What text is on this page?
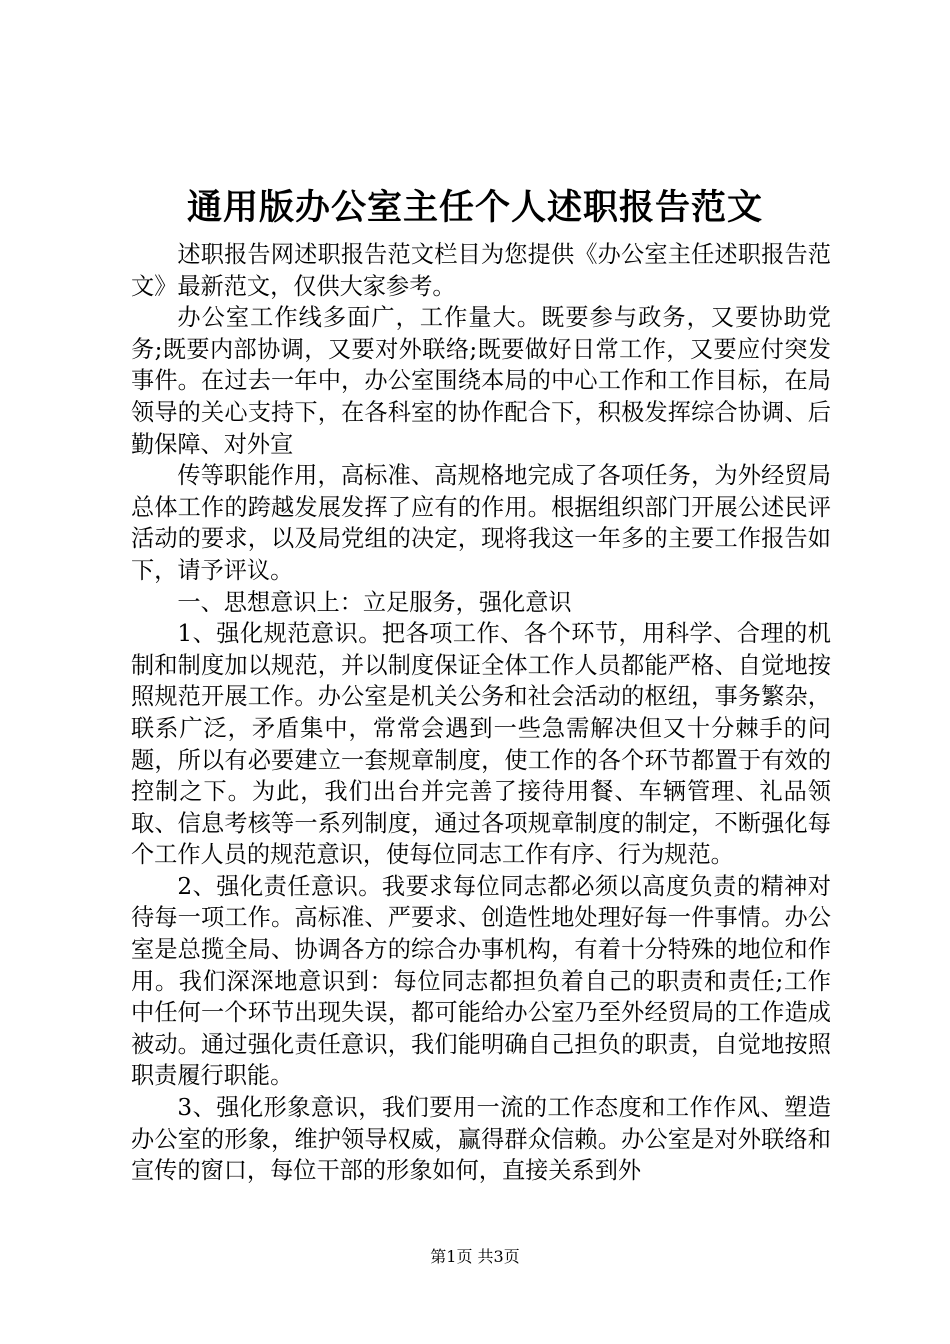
通用版办公室主任个人述职报告范文

述职报告网述职报告范文栏目为您提供《办公室主任述职报告范文》最新范文，仅供大家参考。

办公室工作线多面广，工作量大。既要参与政务，又要协助党务;既要内部协调，又要对外联络;既要做好日常工作，又要应付突发事件。在过去一年中，办公室围绕本局的中心工作和工作目标，在局领导的关心支持下，在各科室的协作配合下，积极发挥综合协调、后勤保障、对外宣

传等职能作用，高标准、高规格地完成了各项任务，为外经贸局总体工作的跨越发展发挥了应有的作用。根据组织部门开展公述民评活动的要求，以及局党组的决定，现将我这一年多的主要工作报告如下，请予评议。

一、思想意识上：立足服务，强化意识

1、强化规范意识。把各项工作、各个环节，用科学、合理的机制和制度加以规范，并以制度保证全体工作人员都能严格、自觉地按照规范开展工作。办公室是机关公务和社会活动的枢纽，事务繁杂，联系广泛，矛盾集中，常常会遇到一些急需解决但又十分棘手的问题，所以有必要建立一套规章制度，使工作的各个环节都置于有效的控制之下。为此，我们出台并完善了接待用餐、车辆管理、礼品领取、信息考核等一系列制度，通过各项规章制度的制定，不断强化每个工作人员的规范意识，使每位同志工作有序、行为规范。

2、强化责任意识。我要求每位同志都必须以高度负责的精神对待每一项工作。高标准、严要求、创造性地处理好每一件事情。办公室是总揽全局、协调各方的综合办事机构，有着十分特殊的地位和作用。我们深深地意识到：每位同志都担负着自己的职责和责任;工作中任何一个环节出现失误，都可能给办公室乃至外经贸局的工作造成被动。通过强化责任意识，我们能明确自己担负的职责，自觉地按照职责履行职能。

3、强化形象意识，我们要用一流的工作态度和工作作风、塑造办公室的形象，维护领导权威，赢得群众信赖。办公室是对外联络和宣传的窗口，每位干部的形象如何，直接关系到外

第1页 共3页
